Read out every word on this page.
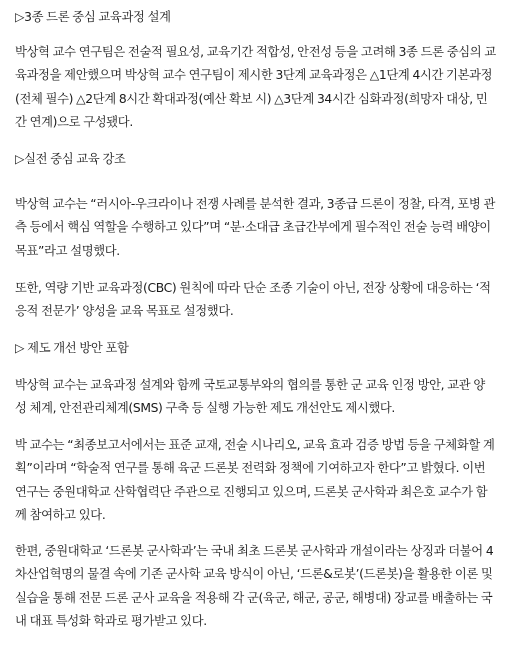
▷3종 드론 중심 교육과정 설계
박상혁 교수 연구팀은 전술적 필요성, 교육기간 적합성, 안전성 등을 고려해 3종 드론 중심의 교
육과정을 제안했으며 박상혁 교수 연구팀이 제시한 3단계 교육과정은 △1단계 4시간 기본과정
(전체 필수) △2단계 8시간 확대과정(예산 확보 시) △3단계 34시간 심화과정(희망자 대상, 민
간 연계)으로 구성됐다.
▷실전 중심 교육 강조
박상혁 교수는 “러시아-우크라이나 전쟁 사례를 분석한 결과, 3종급 드론이 정찰, 타격, 포병 관
측 등에서 핵심 역할을 수행하고 있다”며 “분·소대급 초급간부에게 필수적인 전술 능력 배양이
목표”라고 설명했다.
또한, 역량 기반 교육과정(CBC) 원칙에 따라 단순 조종 기술이 아닌, 전장 상황에 대응하는 ‘적
응적 전문가’ 양성을 교육 목표로 설정했다.
▷ 제도 개선 방안 포함
박상혁 교수는 교육과정 설계와 함께 국토교통부와의 협의를 통한 군 교육 인정 방안, 교관 양
성 체계, 안전관리체계(SMS) 구축 등 실행 가능한 제도 개선안도 제시했다.
박 교수는 “최종보고서에서는 표준 교재, 전술 시나리오, 교육 효과 검증 방법 등을 구체화할 계
획”이라며 “학술적 연구를 통해 육군 드론봇 전력화 정책에 기여하고자 한다”고 밝혔다. 이번
연구는 중원대학교 산학협력단 주관으로 진행되고 있으며, 드론봇 군사학과 최은호 교수가 함
께 참여하고 있다.
한편, 중원대학교 ‘드론봇 군사학과’는 국내 최초 드론봇 군사학과 개설이라는 상징과 더불어 4
차산업혁명의 물결 속에 기존 군사학 교육 방식이 아닌, ‘드론&로봇’(드론봇)을 활용한 이론 및
실습을 통해 전문 드론 군사 교육을 적용해 각 군(육군, 해군, 공군, 해병대) 장교를 배출하는 국
내 대표 특성화 학과로 평가받고 있다.
